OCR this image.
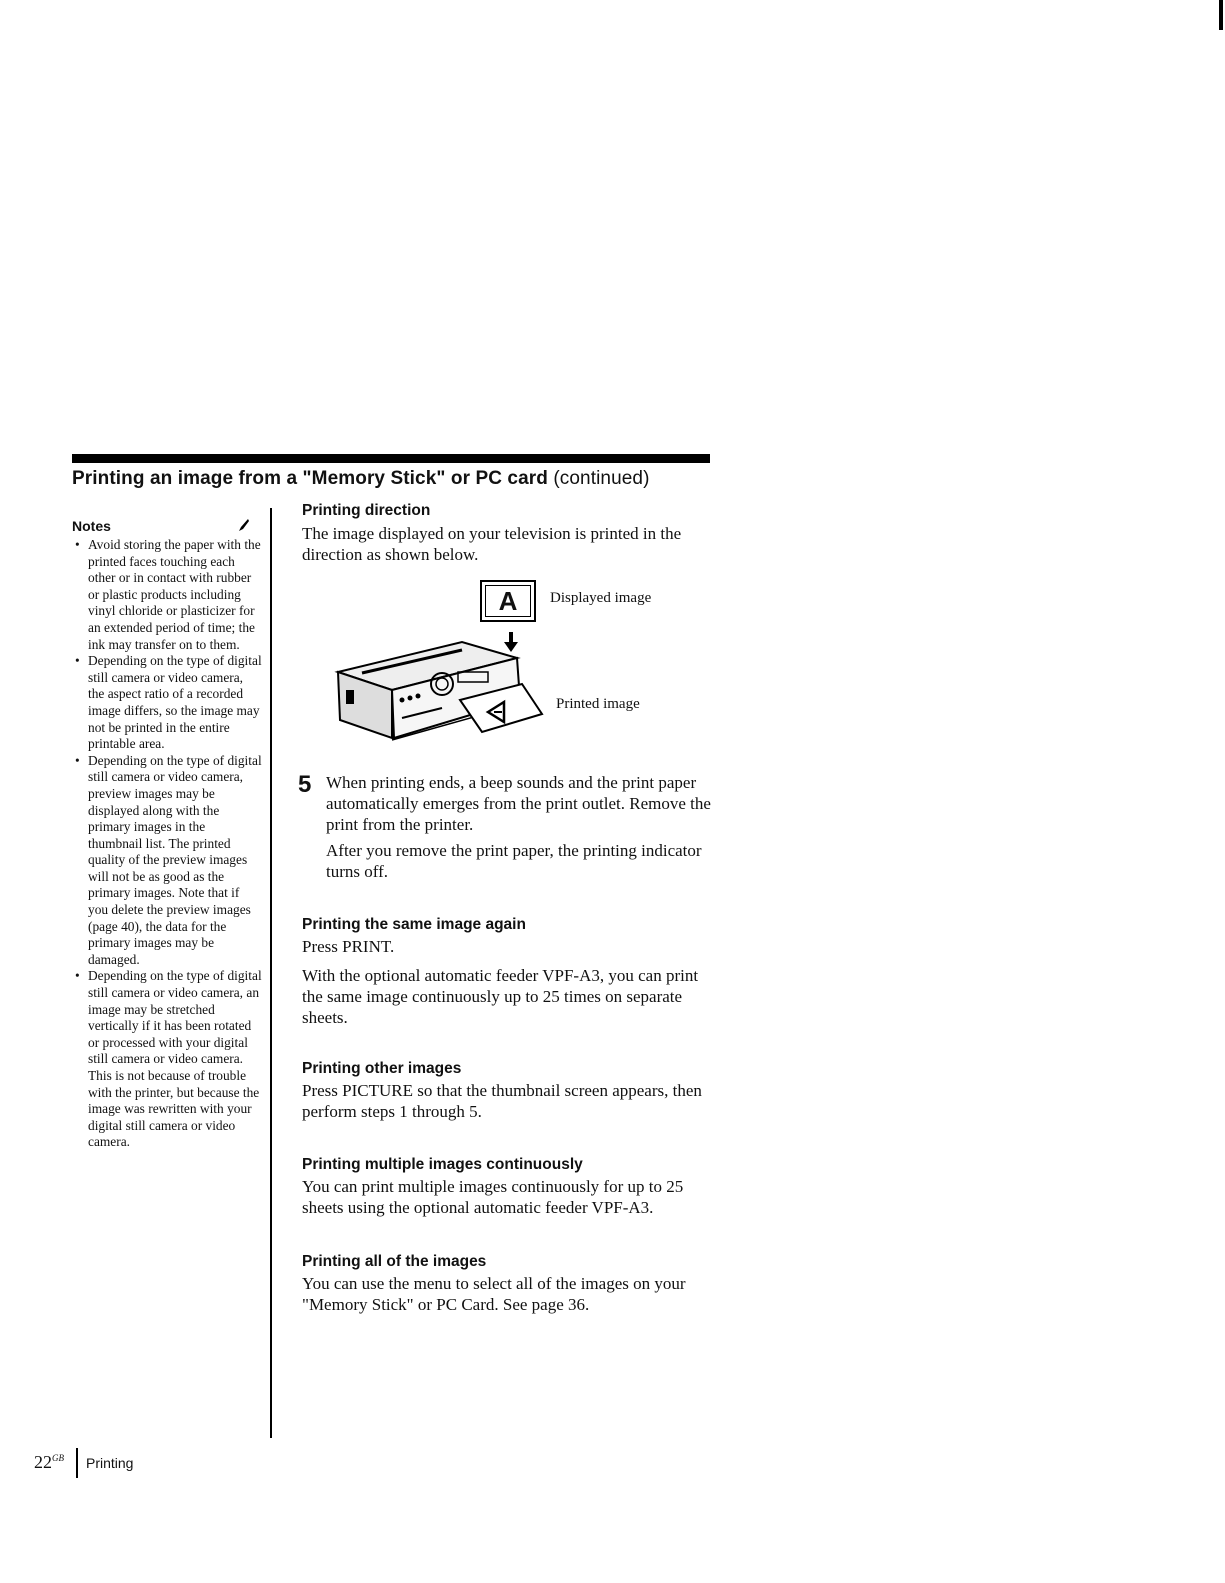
Printing an image from a "Memory Stick" or PC card (continued)

Notes

• Avoid storing the paper with the printed faces touching each other or in contact with rubber or plastic products including vinyl chloride or plasticizer for an extended period of time; the ink may transfer on to them.
• Depending on the type of digital still camera or video camera, the aspect ratio of a recorded image differs, so the image may not be printed in the entire printable area.
• Depending on the type of digital still camera or video camera, preview images may be displayed along with the primary images in the thumbnail list. The printed quality of the preview images will not be as good as the primary images. Note that if you delete the preview images (page 40), the data for the primary images may be damaged.
• Depending on the type of digital still camera or video camera, an image may be stretched vertically if it has been rotated or processed with your digital still camera or video camera. This is not because of trouble with the printer, but because the image was rewritten with your digital still camera or video camera.

Printing direction

The image displayed on your television is printed in the direction as shown below.

A	Displayed image
Printed image
5 When printing ends, a beep sounds and the print paper automatically emerges from the print outlet. Remove the print from the printer.

After you remove the print paper, the printing indicator turns off.

Printing the same image again

Press PRINT.

With the optional automatic feeder VPF-A3, you can print the same image continuously up to 25 times on separate sheets.

Printing other images

Press PICTURE so that the thumbnail screen appears, then perform steps 1 through 5.

Printing multiple images continuously

You can print multiple images continuously for up to 25 sheets using the optional automatic feeder VPF-A3.

Printing all of the images

You can use the menu to select all of the images on your "Memory Stick" or PC Card. See page 36.

$22^{GB}$ Printing
